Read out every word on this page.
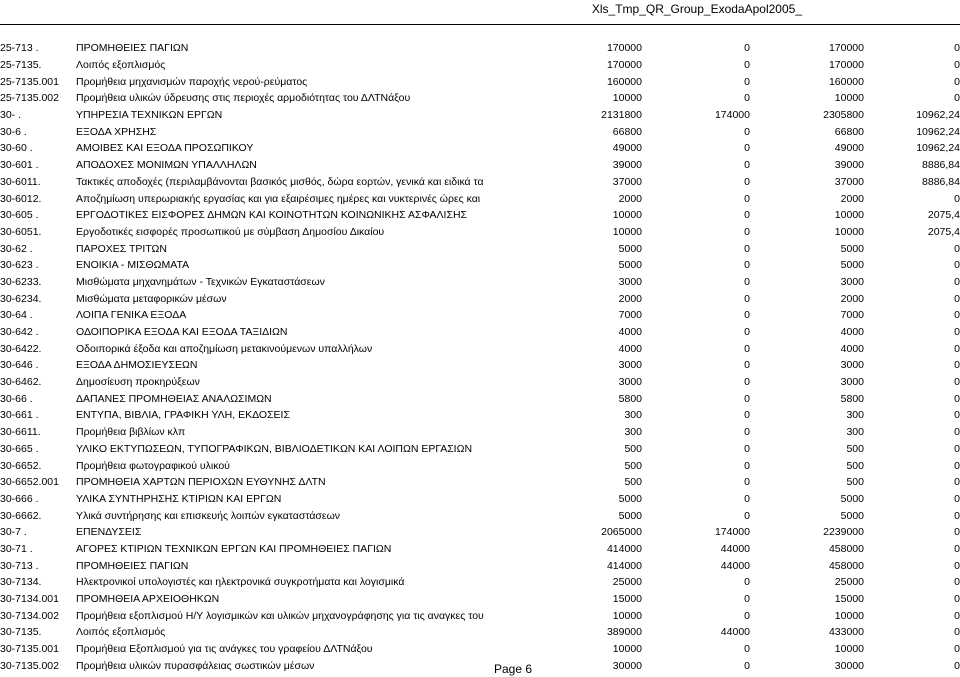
Xls_Tmp_QR_Group_ExodaApol2005_
25-713 .	ΠΡΟΜΗΘΕΙΕΣ ΠΑΓΙΩΝ	170000	0	170000	0
25-7135.	Λοιπός εξοπλισμός	170000	0	170000	0
25-7135.001	Προμήθεια μηχανισμών παροχής νερού-ρεύματος	160000	0	160000	0
25-7135.002	Προμήθεια υλικών ύδρευσης στις περιοχές αρμοδιότητας του ΔΛΤΝάξου	10000	0	10000	0
30- .	ΥΠΗΡΕΣΙΑ ΤΕΧΝΙΚΩΝ ΕΡΓΩΝ	2131800	174000	2305800	10962,24
30-6 .	ΕΞΟΔΑ ΧΡΗΣΗΣ	66800	0	66800	10962,24
30-60 .	ΑΜΟΙΒΕΣ ΚΑΙ ΕΞΟΔΑ ΠΡΟΣΩΠΙΚΟΥ	49000	0	49000	10962,24
30-601 .	ΑΠΟΔΟΧΕΣ ΜΟΝΙΜΩΝ ΥΠΑΛΛΗΛΩΝ	39000	0	39000	8886,84
30-6011.	Τακτικές αποδοχές (περιλαμβάνονται βασικός μισθός, δώρα εορτών, γενικά και ειδικά τα	37000	0	37000	8886,84
30-6012.	Αποζημίωση υπερωριακής εργασίας και για εξαιρέσιμες ημέρες και νυκτερινές ώρες και	2000	0	2000	0
30-605 .	ΕΡΓΟΔΟΤΙΚΕΣ ΕΙΣΦΟΡΕΣ ΔΗΜΩΝ ΚΑΙ ΚΟΙΝΟΤΗΤΩΝ ΚΟΙΝΩΝΙΚΗΣ ΑΣΦΑΛΙΣΗΣ	10000	0	10000	2075,4
30-6051.	Εργοδοτικές εισφορές προσωπικού με σύμβαση Δημοσίου Δικαίου	10000	0	10000	2075,4
30-62 .	ΠΑΡΟΧΕΣ ΤΡΙΤΩΝ	5000	0	5000	0
30-623 .	ΕΝΟΙΚΙΑ - ΜΙΣΘΩΜΑΤΑ	5000	0	5000	0
30-6233.	Μισθώματα μηχανημάτων - Τεχνικών Εγκαταστάσεων	3000	0	3000	0
30-6234.	Μισθώματα μεταφορικών μέσων	2000	0	2000	0
30-64 .	ΛΟΙΠΑ ΓΕΝΙΚΑ ΕΞΟΔΑ	7000	0	7000	0
30-642 .	ΟΔΟΙΠΟΡΙΚΑ ΕΞΟΔΑ ΚΑΙ ΕΞΟΔΑ ΤΑΞΙΔΙΩΝ	4000	0	4000	0
30-6422.	Οδοιπορικά έξοδα και αποζημίωση μετακινούμενων υπαλλήλων	4000	0	4000	0
30-646 .	ΕΞΟΔΑ ΔΗΜΟΣΙΕΥΣΕΩΝ	3000	0	3000	0
30-6462.	Δημοσίευση προκηρύξεων	3000	0	3000	0
30-66 .	ΔΑΠΑΝΕΣ ΠΡΟΜΗΘΕΙΑΣ ΑΝΑΛΩΣΙΜΩΝ	5800	0	5800	0
30-661 .	ΕΝΤΥΠΑ, ΒΙΒΛΙΑ, ΓΡΑΦΙΚΗ ΥΛΗ, ΕΚΔΟΣΕΙΣ	300	0	300	0
30-6611.	Προμήθεια βιβλίων κλπ	300	0	300	0
30-665 .	ΥΛΙΚΟ ΕΚΤΥΠΩΣΕΩΝ, ΤΥΠΟΓΡΑΦΙΚΩΝ, ΒΙΒΛΙΟΔΕΤΙΚΩΝ ΚΑΙ ΛΟΙΠΩΝ ΕΡΓΑΣΙΩΝ	500	0	500	0
30-6652.	Προμήθεια φωτογραφικού υλικού	500	0	500	0
30-6652.001	ΠΡΟΜΗΘΕΙΑ ΧΑΡΤΩΝ ΠΕΡΙΟΧΩΝ ΕΥΘΥΝΗΣ ΔΛΤΝ	500	0	500	0
30-666 .	ΥΛΙΚΑ ΣΥΝΤΗΡΗΣΗΣ ΚΤΙΡΙΩΝ ΚΑΙ ΕΡΓΩΝ	5000	0	5000	0
30-6662.	Υλικά συντήρησης και επισκευής λοιπών εγκαταστάσεων	5000	0	5000	0
30-7 .	ΕΠΕΝΔΥΣΕΙΣ	2065000	174000	2239000	0
30-71 .	ΑΓΟΡΕΣ ΚΤΙΡΙΩΝ ΤΕΧΝΙΚΩΝ ΕΡΓΩΝ ΚΑΙ ΠΡΟΜΗΘΕΙΕΣ ΠΑΓΙΩΝ	414000	44000	458000	0
30-713 .	ΠΡΟΜΗΘΕΙΕΣ ΠΑΓΙΩΝ	414000	44000	458000	0
30-7134.	Ηλεκτρονικοί υπολογιστές και ηλεκτρονικά συγκροτήματα και λογισμικά	25000	0	25000	0
30-7134.001	ΠΡΟΜΗΘΕΙΑ ΑΡΧΕΙΟΘΗΚΩΝ	15000	0	15000	0
30-7134.002	Προμήθεια εξοπλισμού Η/Υ λογισμικών και υλικών μηχανογράφησης για τις αναγκες του	10000	0	10000	0
30-7135.	Λοιπός εξοπλισμός	389000	44000	433000	0
30-7135.001	Προμήθεια Εξοπλισμού για τις ανάγκες του γραφείου ΔΛΤΝάξου	10000	0	10000	0
30-7135.002	Προμήθεια υλικών πυρασφάλειας σωστικών μέσων	30000	0	30000	0
Page 6
